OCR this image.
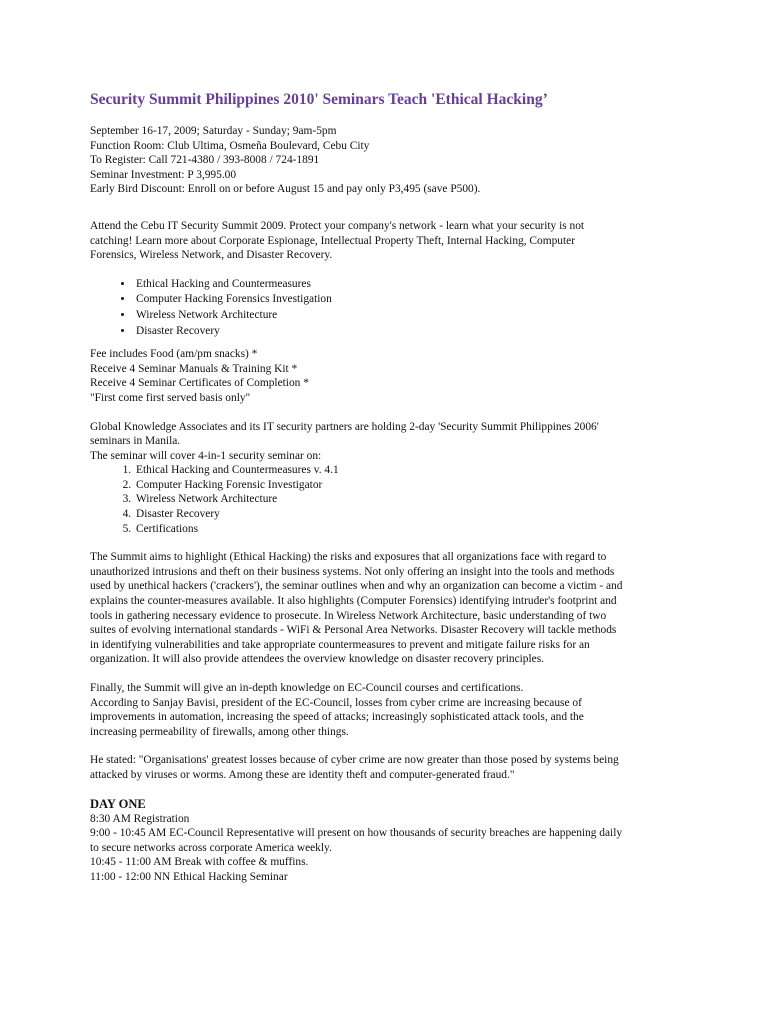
Security Summit Philippines 2010' Seminars Teach 'Ethical Hacking’
September 16-17, 2009; Saturday - Sunday; 9am-5pm
Function Room: Club Ultima, Osmeña Boulevard, Cebu City
To Register: Call 721-4380 / 393-8008 / 724-1891
Seminar Investment: P 3,995.00
Early Bird Discount: Enroll on or before August 15 and pay only P3,495 (save P500).
Attend the Cebu IT Security Summit 2009. Protect your company's network - learn what your security is not
catching! Learn more about Corporate Espionage, Intellectual Property Theft, Internal Hacking, Computer
Forensics, Wireless Network, and Disaster Recovery.
• Ethical Hacking and Countermeasures
• Computer Hacking Forensics Investigation
• Wireless Network Architecture
• Disaster Recovery
Fee includes Food (am/pm snacks) *
Receive 4 Seminar Manuals & Training Kit *
Receive 4 Seminar Certificates of Completion *
"First come first served basis only"
Global Knowledge Associates and its IT security partners are holding 2-day 'Security Summit Philippines 2006'
seminars in Manila.
The seminar will cover 4-in-1 security seminar on:
1. Ethical Hacking and Countermeasures v. 4.1
2. Computer Hacking Forensic Investigator
3. Wireless Network Architecture
4. Disaster Recovery
5. Certifications
The Summit aims to highlight (Ethical Hacking) the risks and exposures that all organizations face with regard to
unauthorized intrusions and theft on their business systems. Not only offering an insight into the tools and methods
used by unethical hackers ('crackers'), the seminar outlines when and why an organization can become a victim - and
explains the counter-measures available. It also highlights (Computer Forensics) identifying intruder's footprint and
tools in gathering necessary evidence to prosecute. In Wireless Network Architecture, basic understanding of two
suites of evolving international standards - WiFi & Personal Area Networks. Disaster Recovery will tackle methods
in identifying vulnerabilities and take appropriate countermeasures to prevent and mitigate failure risks for an
organization. It will also provide attendees the overview knowledge on disaster recovery principles.
Finally, the Summit will give an in-depth knowledge on EC-Council courses and certifications.
According to Sanjay Bavisi, president of the EC-Council, losses from cyber crime are increasing because of
improvements in automation, increasing the speed of attacks; increasingly sophisticated attack tools, and the
increasing permeability of firewalls, among other things.
He stated: "Organisations' greatest losses because of cyber crime are now greater than those posed by systems being
attacked by viruses or worms. Among these are identity theft and computer-generated fraud."
DAY ONE
8:30 AM Registration
9:00 - 10:45 AM EC-Council Representative will present on how thousands of security breaches are happening daily
to secure networks across corporate America weekly.
10:45 - 11:00 AM Break with coffee & muffins.
11:00 - 12:00 NN Ethical Hacking Seminar
